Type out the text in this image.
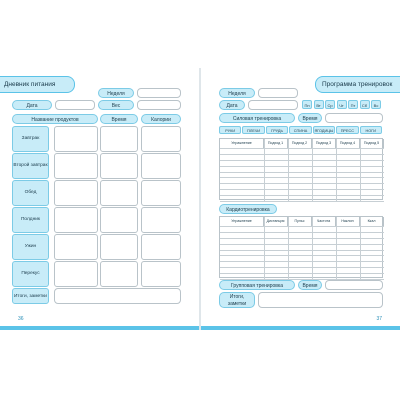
Дневник питания
Неделя
Дата	Вес
Название продуктов	Время	Калории
Завтрак
Второй завтрак
Обед
Полдник
Ужин
Перекус
Итоги, заметки
36
Программа тренировок
Неделя
Дата	Пн	Вт	Ср	Чт	Пт	Сб	Вс
Силовая тренировка	Время
РУКИ	ПЛЕЧИ	ГРУДЬ	СПИНА	ЯГОДИЦЫ	ПРЕСС	НОГИ
Упражнение	Подход 1	Подход 2	Подход 3	Подход 4	Подход 5
Кардиотренировка
Упражнение	Дистанция	Пульс	Частота	Наклон	Ккал
Групповая тренировка	Время
Итоги, заметки
37
